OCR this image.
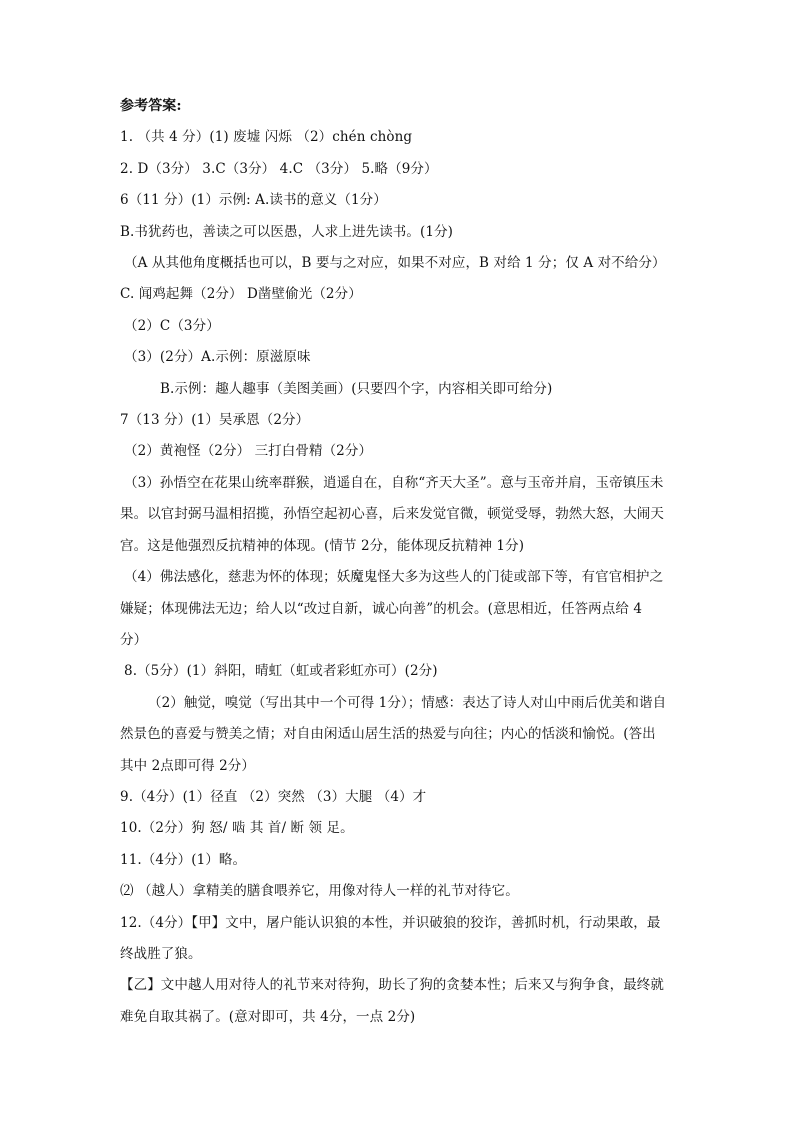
参考答案:
1. （共 4 分）(1) 废墟 闪烁 （2）chén chòng
2. D（3分） 3.C（3分） 4.C （3分） 5.略（9分）
6（11 分）(1）示例: A.读书的意义（1分）
B.书犹药也，善读之可以医愚，人求上进先读书。(1分)
（A 从其他角度概括也可以，B 要与之对应，如果不对应，B 对给 1 分；仅 A 对不给分）
C. 闻鸡起舞（2分） D凿壁偷光（2分）
（2）C（3分）
（3）(2分）A.示例：原滋原味
B.示例：趣人趣事（美图美画）(只要四个字，内容相关即可给分)
7（13 分）(1）吴承恩（2分）
（2）黄袍怪（2分） 三打白骨精（2分）
（3）孙悟空在花果山统率群猴，逍遥自在，自称“齐天大圣”。意与玉帝并肩，玉帝镇压未
果。以官封弼马温相招揽，孙悟空起初心喜，后来发觉官微，顿觉受辱，勃然大怒，大闹天
宫。这是他强烈反抗精神的体现。(情节 2分，能体现反抗精神 1分)
（4）佛法感化，慈悲为怀的体现；妖魔鬼怪大多为这些人的门徒或部下等，有官官相护之
嫌疑；体现佛法无边；给人以“改过自新，诚心向善”的机会。(意思相近，任答两点给 4
分）
8.（5分）(1）斜阳，晴虹（虹或者彩虹亦可）(2分)
（2）触觉，嗅觉（写出其中一个可得 1分）；情感：表达了诗人对山中雨后优美和谐自
然景色的喜爱与赞美之情；对自由闲适山居生活的热爱与向往；内心的恬淡和愉悦。(答出
其中 2点即可得 2分）
9.（4分）(1）径直 （2）突然 （3）大腿 （4）才
10.（2分）狗 怒/ 啮 其 首/ 断 领 足。
11.（4分）(1）略。
⑵ （越人）拿精美的膳食喂养它，用像对待人一样的礼节对待它。
12.（4分）【甲】文中，屠户能认识狼的本性，并识破狼的狡诈，善抓时机，行动果敢，最
终战胜了狼。
【乙】文中越人用对待人的礼节来对待狗，助长了狗的贪婪本性；后来又与狗争食，最终就
难免自取其祸了。(意对即可，共 4分，一点 2分)
